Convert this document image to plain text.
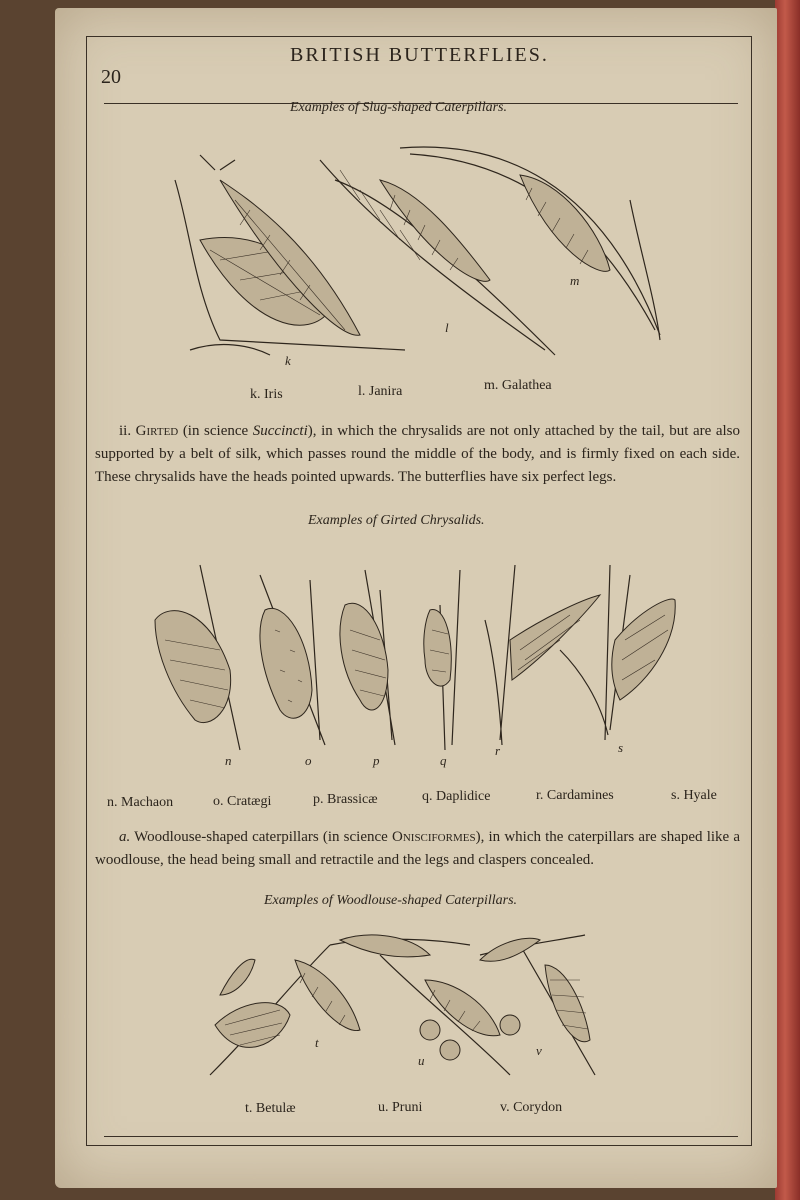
20
BRITISH BUTTERFLIES.
Examples of Slug-shaped Caterpillars.
k
l
m
k. Iris	l. Janira	m. Galathea
ii. Girted (in science Succincti), in which the chrysalids are not only attached by the tail, but are also supported by a belt of silk, which passes round the middle of the body, and is firmly fixed on each side. These chrysalids have the heads pointed upwards. The butterflies have six perfect legs.
Examples of Girted Chrysalids.
n	o	p	q
r	s
n. Machaon	o. Cratægi	p. Brassicæ	q. Daplidice	r. Cardamines	s. Hyale
a. Woodlouse-shaped caterpillars (in science Onisciformes), in which the caterpillars are shaped like a woodlouse, the head being small and retractile and the legs and claspers concealed.
Examples of Woodlouse-shaped Caterpillars.
t
u
v
t. Betulæ	u. Pruni	v. Corydon
